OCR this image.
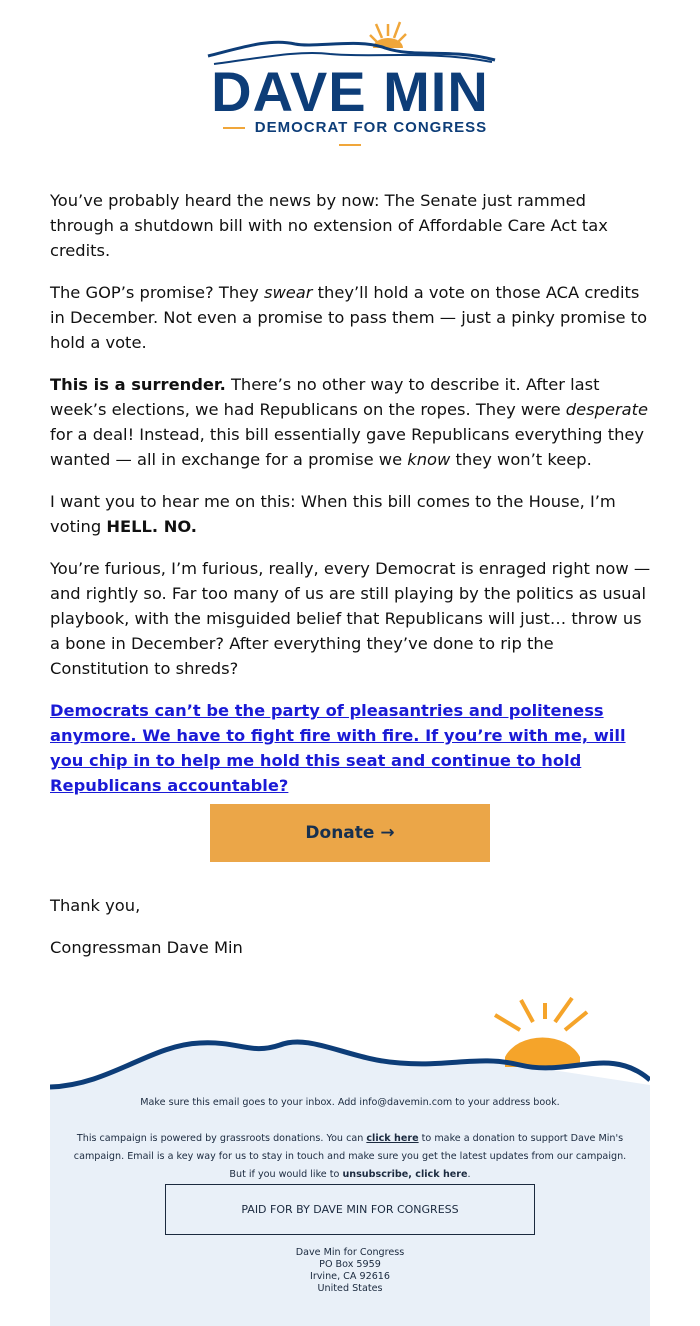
DAVE MIN
DEMOCRAT FOR CONGRESS

You’ve probably heard the news by now: The Senate just rammed through a shutdown bill with no extension of Affordable Care Act tax credits.

The GOP’s promise? They swear they’ll hold a vote on those ACA credits in December. Not even a promise to pass them — just a pinky promise to hold a vote.

This is a surrender. There’s no other way to describe it. After last week’s elections, we had Republicans on the ropes. They were desperate for a deal! Instead, this bill essentially gave Republicans everything they wanted — all in exchange for a promise we know they won’t keep.

I want you to hear me on this: When this bill comes to the House, I’m voting HELL. NO.

You’re furious, I’m furious, really, every Democrat is enraged right now — and rightly so. Far too many of us are still playing by the politics as usual playbook, with the misguided belief that Republicans will just… throw us a bone in December? After everything they’ve done to rip the Constitution to shreds?

Democrats can’t be the party of pleasantries and politeness anymore. We have to fight fire with fire. If you’re with me, will you chip in to help me hold this seat and continue to hold Republicans accountable?

Donate →
Thank you,
Congressman Dave Min
Make sure this email goes to your inbox. Add info@davemin.com to your address book.
This campaign is powered by grassroots donations. You can click here to make a donation to support Dave Min's campaign. Email is a key way for us to stay in touch and make sure you get the latest updates from our campaign. But if you would like to unsubscribe, click here.
PAID FOR BY DAVE MIN FOR CONGRESS
Dave Min for Congress
PO Box 5959
Irvine, CA 92616
United States
